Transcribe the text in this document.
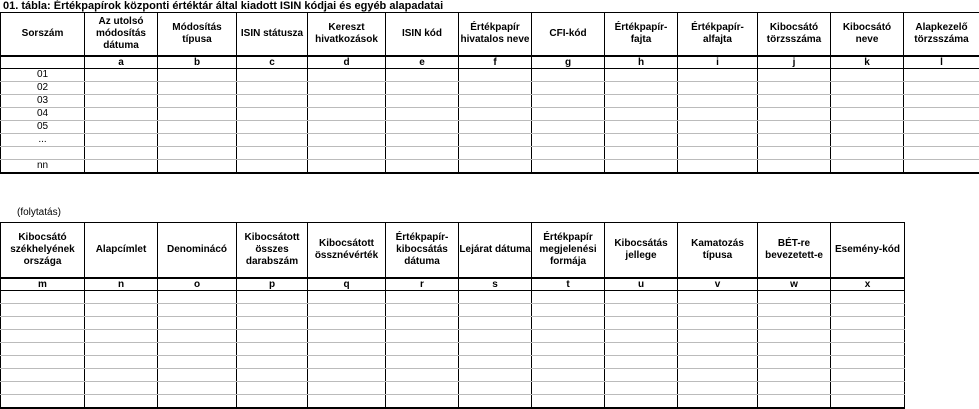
01. tábla: Értékpapírok központi értéktár által kiadott ISIN kódjai és egyéb alapadatai
Sorszám	Az utolsó módosítás dátuma	Módosítás típusa	ISIN státusza	Kereszt hivatkozások	ISIN kód	Értékpapír hivatalos neve	CFI-kód	Értékpapír-fajta	Értékpapír-alfajta	Kibocsátó törzsszáma	Kibocsátó neve	Alapkezelő törzsszáma
	a	b	c	d	e	f	g	h	i	j	k	l
01												
02												
03												
04												
05												
...												

nn												
(folytatás)
Kibocsátó székhelyének országa	Alapcímlet	Denominácó	Kibocsátott összes darabszám	Kibocsátott össznévérték	Értékpapír-kibocsátás dátuma	Lejárat dátuma	Értékpapír megjelenési formája	Kibocsátás jellege	Kamatozás típusa	BÉT-re bevezetett-e	Esemény-kód
m	n	o	p	q	r	s	t	u	v	w	x
